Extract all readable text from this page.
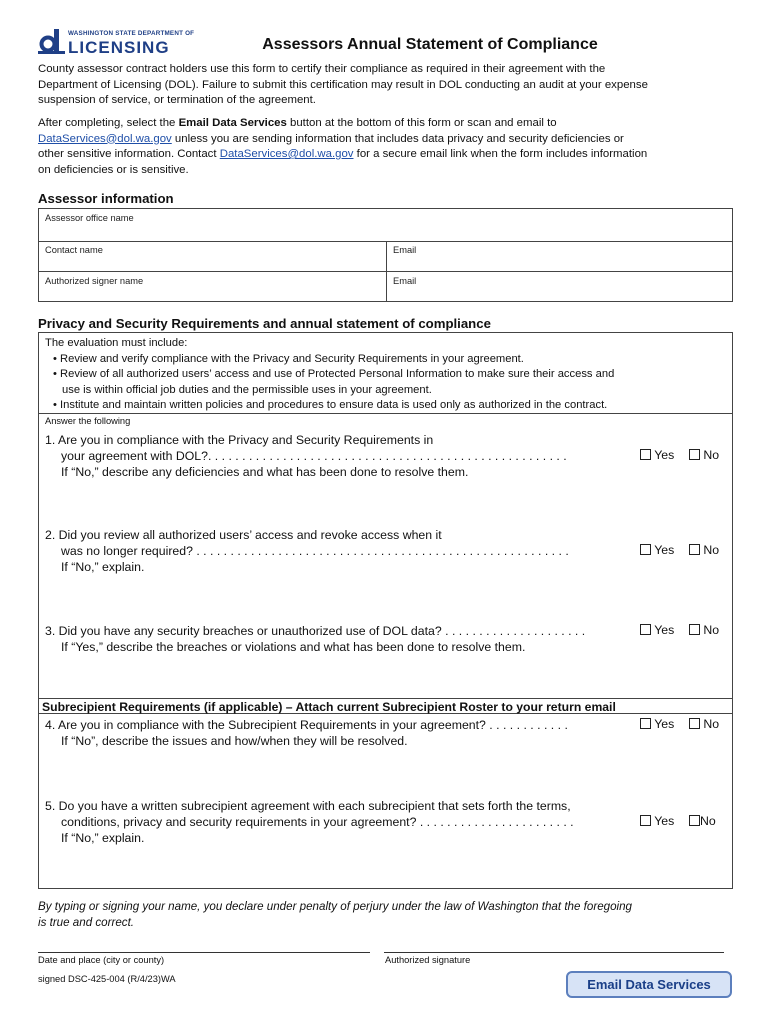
WASHINGTON STATE DEPARTMENT OF
LICENSING	Assessors Annual Statement of Compliance
County assessor contract holders use this form to certify their compliance as required in their agreement with the
Department of Licensing (DOL). Failure to submit this certification may result in DOL conducting an audit at your expense
suspension of service, or termination of the agreement.
After completing, select the Email Data Services button at the bottom of this form or scan and email to
DataServices@dol.wa.gov unless you are sending information that includes data privacy and security deficiencies or
other sensitive information. Contact DataServices@dol.wa.gov for a secure email link when the form includes information
on deficiencies or is sensitive.
Assessor information
Assessor office name
Contact name	Email
Authorized signer name	Email
Privacy and Security Requirements and annual statement of compliance
The evaluation must include:
• Review and verify compliance with the Privacy and Security Requirements in your agreement.
• Review of all authorized users’ access and use of Protected Personal Information to make sure their access and
use is within official job duties and the permissible uses in your agreement.
• Institute and maintain written policies and procedures to ensure data is used only as authorized in the contract.
Answer the following
1. Are you in compliance with the Privacy and Security Requirements in
your agreement with DOL?. . . . . . . . . . . . . . . . . . . . . . . . . . . . . . . . . . . . . . . . . . . . . . . . . . . . .
If “No,” describe any deficiencies and what has been done to resolve them.
Yes	No
2. Did you review all authorized users’ access and revoke access when it
was no longer required? . . . . . . . . . . . . . . . . . . . . . . . . . . . . . . . . . . . . . . . . . . . . . . . . . . . . . . .
If “No,” explain.
Yes	No
3. Did you have any security breaches or unauthorized use of DOL data? . . . . . . . . . . . . . . . . . . . . .
If “Yes,” describe the breaches or violations and what has been done to resolve them.
Yes	No
Subrecipient Requirements (if applicable) – Attach current Subrecipient Roster to your return email
4. Are you in compliance with the Subrecipient Requirements in your agreement? . . . . . . . . . . . .
If “No”, describe the issues and how/when they will be resolved.
Yes	No
5. Do you have a written subrecipient agreement with each subrecipient that sets forth the terms,
conditions, privacy and security requirements in your agreement? . . . . . . . . . . . . . . . . . . . . . . .
If “No,” explain.
Yes	No
By typing or signing your name, you declare under penalty of perjury under the law of Washington that the foregoing
is true and correct.
Date and place (city or county)	Authorized signature
signed DSC-425-004 (R/4/23)WA	Email Data Services
